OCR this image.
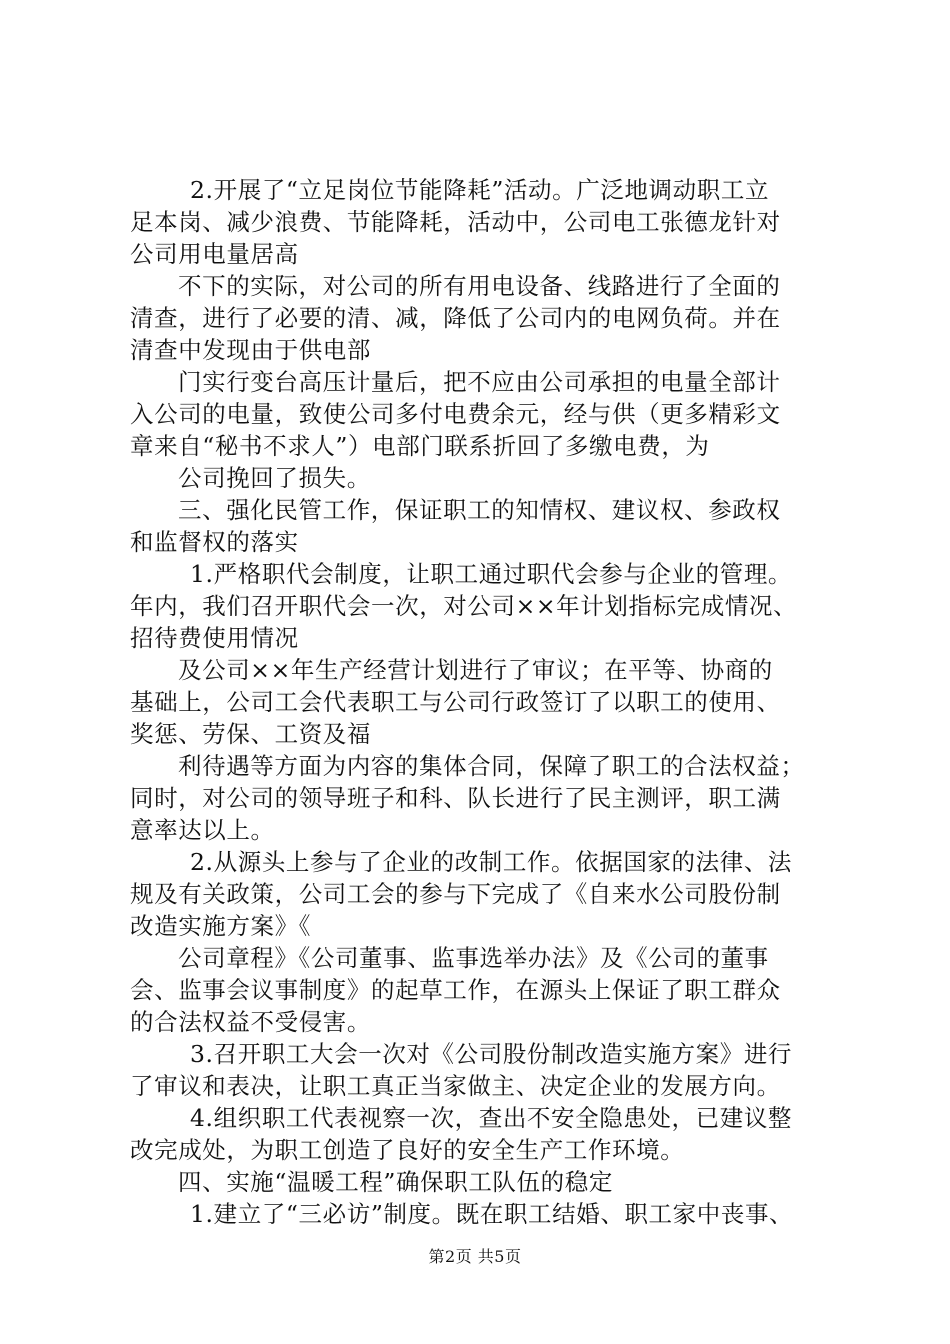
2.开展了“立足岗位节能降耗”活动。广泛地调动职工立
足本岗、减少浪费、节能降耗，活动中，公司电工张德龙针对
公司用电量居高
不下的实际，对公司的所有用电设备、线路进行了全面的
清查，进行了必要的清、减，降低了公司内的电网负荷。并在
清查中发现由于供电部
门实行变台高压计量后，把不应由公司承担的电量全部计
入公司的电量，致使公司多付电费余元，经与供（更多精彩文
章来自“秘书不求人”）电部门联系折回了多缴电费，为
公司挽回了损失。
三、强化民管工作，保证职工的知情权、建议权、参政权
和监督权的落实
1.严格职代会制度，让职工通过职代会参与企业的管理。
年内，我们召开职代会一次，对公司××年计划指标完成情况、
招待费使用情况
及公司××年生产经营计划进行了审议；在平等、协商的
基础上，公司工会代表职工与公司行政签订了以职工的使用、
奖惩、劳保、工资及福
利待遇等方面为内容的集体合同，保障了职工的合法权益；
同时，对公司的领导班子和科、队长进行了民主测评，职工满
意率达以上。
2.从源头上参与了企业的改制工作。依据国家的法律、法
规及有关政策，公司工会的参与下完成了《自来水公司股份制
改造实施方案》《
公司章程》《公司董事、监事选举办法》及《公司的董事
会、监事会议事制度》的起草工作，在源头上保证了职工群众
的合法权益不受侵害。
3.召开职工大会一次对《公司股份制改造实施方案》进行
了审议和表决，让职工真正当家做主、决定企业的发展方向。
4.组织职工代表视察一次，查出不安全隐患处，已建议整
改完成处，为职工创造了良好的安全生产工作环境。
四、实施“温暖工程”确保职工队伍的稳定
1.建立了“三必访”制度。既在职工结婚、职工家中丧事、
第2页 共5页
